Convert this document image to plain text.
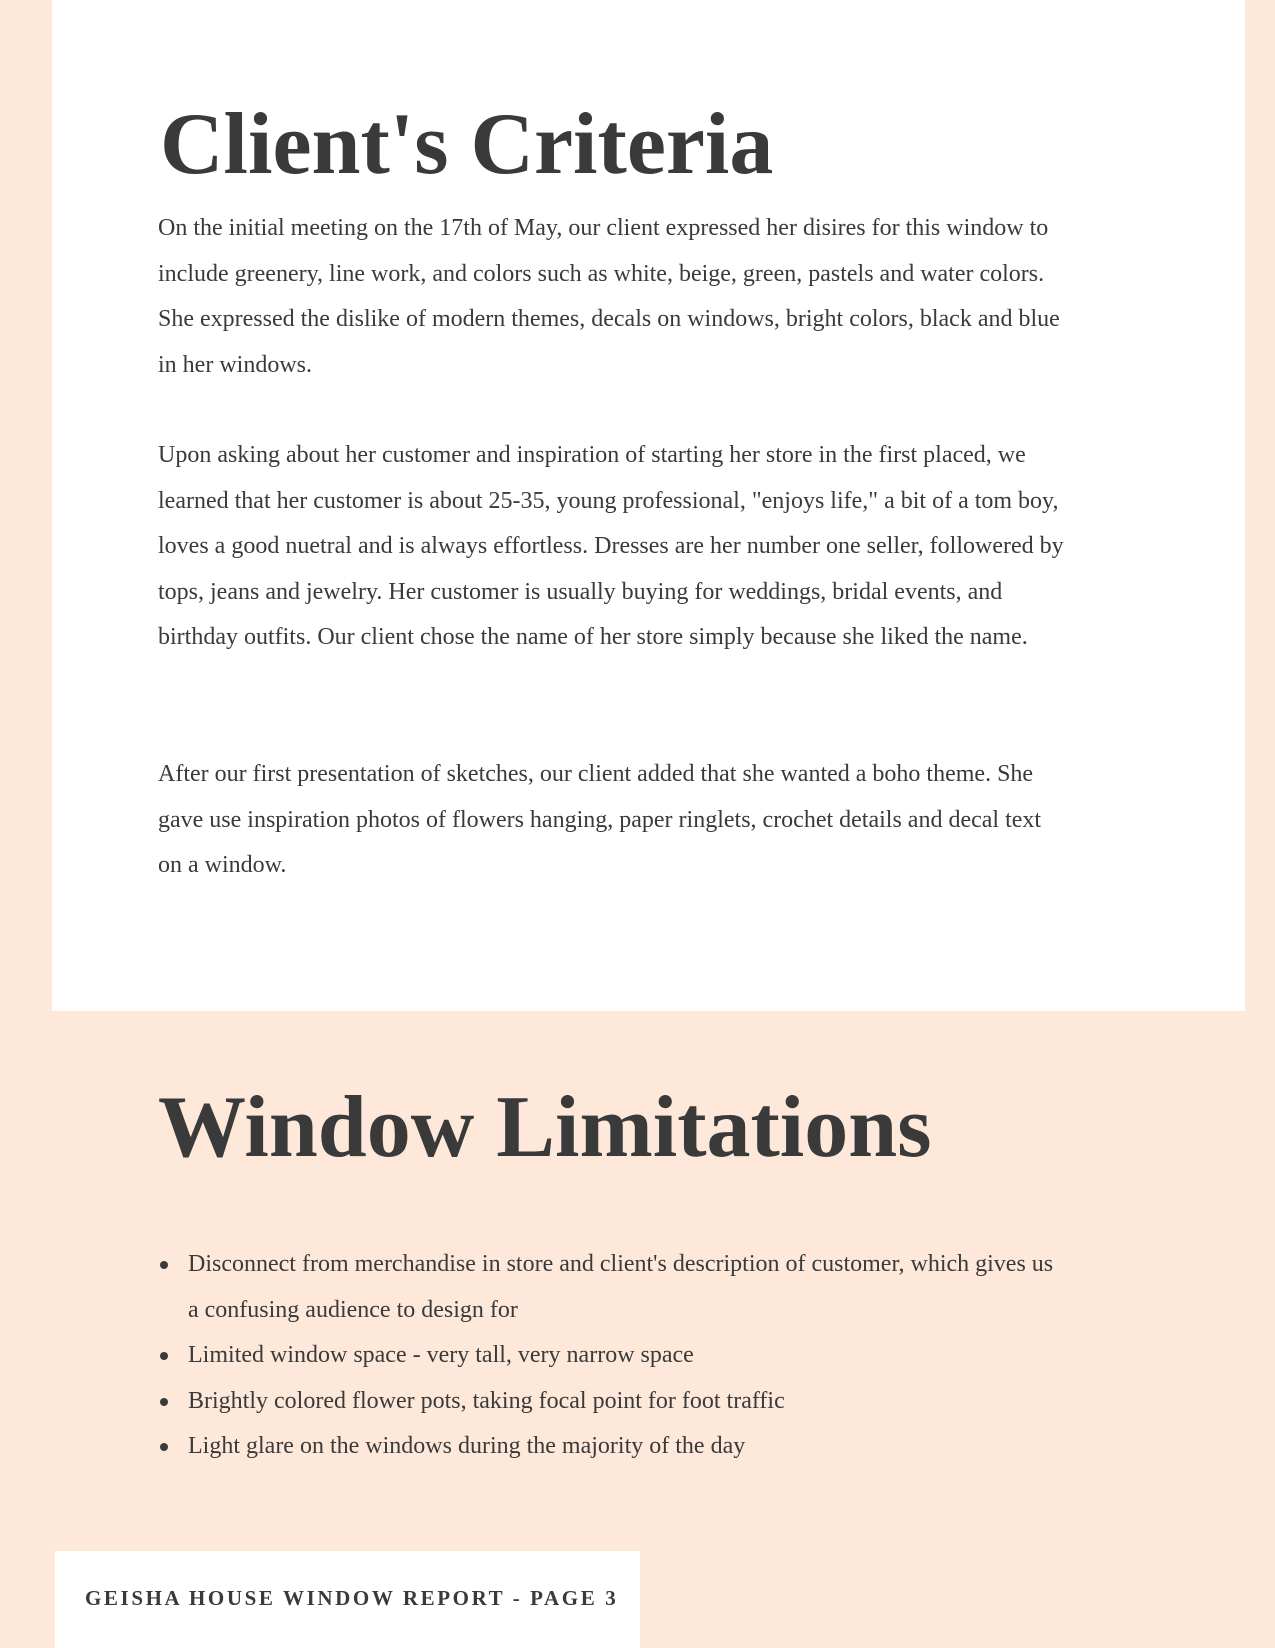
Client's Criteria

On the initial meeting on the 17th of May, our client expressed her disires for this window to include greenery, line work, and colors such as white, beige, green, pastels and water colors. She expressed the dislike of modern themes, decals on windows, bright colors, black and blue in her windows.

Upon asking about her customer and inspiration of starting her store in the first placed, we learned that her customer is about 25-35, young professional, "enjoys life," a bit of a tom boy, loves a good nuetral and is always effortless. Dresses are her number one seller, followered by tops, jeans and jewelry. Her customer is usually buying for weddings, bridal events, and birthday outfits. Our client chose the name of her store simply because she liked the name.

After our first presentation of sketches, our client added that she wanted a boho theme. She gave use inspiration photos of flowers hanging, paper ringlets, crochet details and decal text on a window.

Window Limitations
Disconnect from merchandise in store and client's description of customer, which gives us a confusing audience to design for
Limited window space - very tall, very narrow space
Brightly colored flower pots, taking focal point for foot traffic
Light glare on the windows during the majority of the day

GEISHA HOUSE WINDOW REPORT - PAGE 3
